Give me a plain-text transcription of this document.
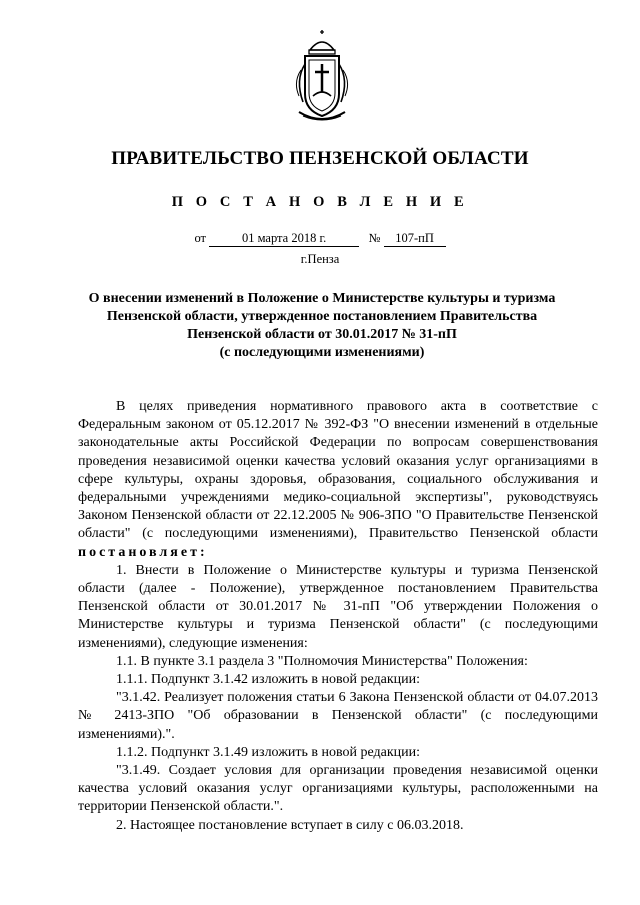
ПРАВИТЕЛЬСТВО ПЕНЗЕНСКОЙ ОБЛАСТИ
П О С Т А Н О В Л Е Н И Е
от	01 марта 2018 г.	№ 107-пП
г.Пенза
О внесении изменений в Положение о Министерстве культуры и туризма
Пензенской области, утвержденное постановлением Правительства
Пензенской области от 30.01.2017 № 31-пП
(с последующими изменениями)

В целях приведения нормативного правового акта в соответствие с Федеральным законом от 05.12.2017 № 392-ФЗ "О внесении изменений в отдельные законодательные акты Российской Федерации по вопросам совершенствования проведения независимой оценки качества условий оказания услуг организациями в сфере культуры, охраны здоровья, образования, социального обслуживания и федеральными учреждениями медико-социальной экспертизы", руководствуясь Законом Пензенской области от 22.12.2005 № 906-ЗПО "О Правительстве Пензенской области" (с последующими изменениями), Правительство Пензенской области постановляет:

1. Внести в Положение о Министерстве культуры и туризма Пензенской области (далее - Положение), утвержденное постановлением Правительства Пензенской области от 30.01.2017 № 31-пП "Об утверждении Положения о Министерстве культуры и туризма Пензенской области" (с последующими изменениями), следующие изменения:

1.1. В пункте 3.1 раздела 3 "Полномочия Министерства" Положения:

1.1.1. Подпункт 3.1.42 изложить в новой редакции:

"3.1.42. Реализует положения статьи 6 Закона Пензенской области от 04.07.2013 № 2413-ЗПО "Об образовании в Пензенской области" (с последующими изменениями).".

1.1.2. Подпункт 3.1.49 изложить в новой редакции:

"3.1.49. Создает условия для организации проведения независимой оценки качества условий оказания услуг организациями культуры, расположенными на территории Пензенской области.".

2. Настоящее постановление вступает в силу с 06.03.2018.
